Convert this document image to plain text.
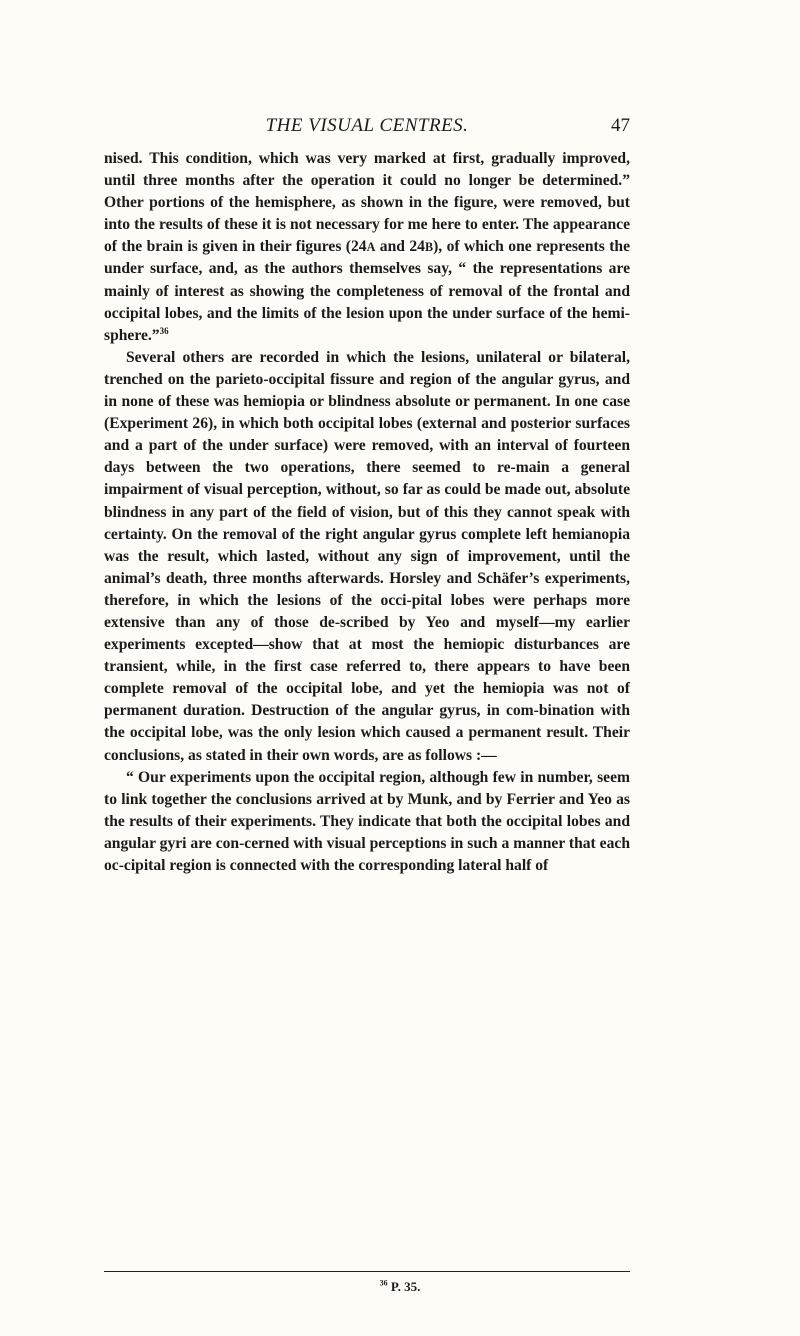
THE VISUAL CENTRES.	47

nised. This condition, which was very marked at first, gradually improved, until three months after the operation it could no longer be determined.” Other portions of the hemisphere, as shown in the figure, were removed, but into the results of these it is not necessary for me here to enter. The appearance of the brain is given in their figures (24A and 24B), of which one represents the under surface, and, as the authors themselves say, “ the representations are mainly of interest as showing the completeness of removal of the frontal and occipital lobes, and the limits of the lesion upon the under surface of the hemi-sphere.”$^{36}$

Several others are recorded in which the lesions, unilateral or bilateral, trenched on the parieto-occipital fissure and region of the angular gyrus, and in none of these was hemiopia or blindness absolute or permanent. In one case (Experiment 26), in which both occipital lobes (external and posterior surfaces and a part of the under surface) were removed, with an interval of fourteen days between the two operations, there seemed to re-main a general impairment of visual perception, without, so far as could be made out, absolute blindness in any part of the field of vision, but of this they cannot speak with certainty. On the removal of the right angular gyrus complete left hemianopia was the result, which lasted, without any sign of improvement, until the animal’s death, three months afterwards. Horsley and Schäfer’s experiments, therefore, in which the lesions of the occi-pital lobes were perhaps more extensive than any of those de-scribed by Yeo and myself—my earlier experiments excepted—show that at most the hemiopic disturbances are transient, while, in the first case referred to, there appears to have been complete removal of the occipital lobe, and yet the hemiopia was not of permanent duration. Destruction of the angular gyrus, in com-bination with the occipital lobe, was the only lesion which caused a permanent result. Their conclusions, as stated in their own words, are as follows :—

“ Our experiments upon the occipital region, although few in number, seem to link together the conclusions arrived at by Munk, and by Ferrier and Yeo as the results of their experiments. They indicate that both the occipital lobes and angular gyri are con-cerned with visual perceptions in such a manner that each oc-cipital region is connected with the corresponding lateral half of

$^{36}$ P. 35.
